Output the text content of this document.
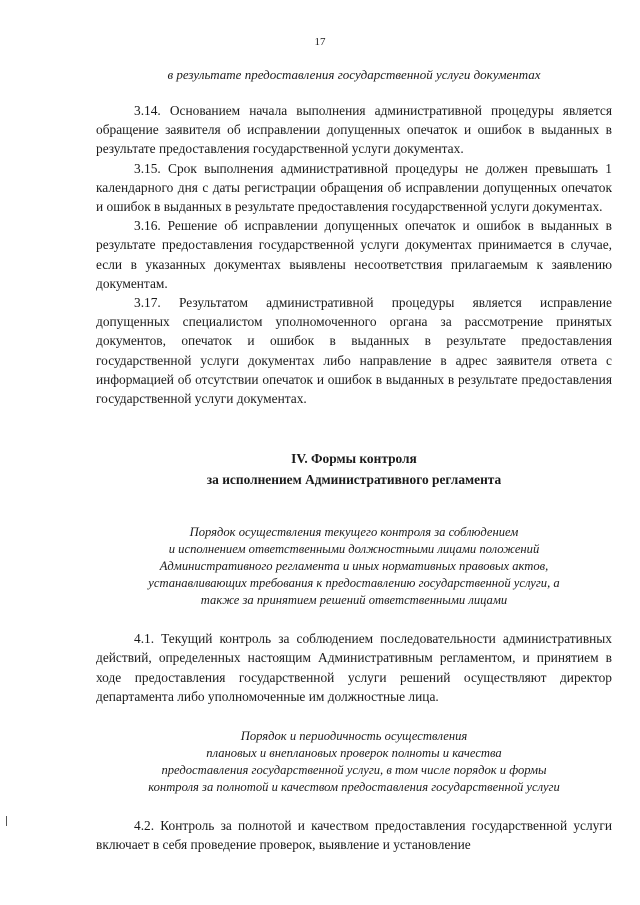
17

в результате предоставления государственной услуги документах

3.14. Основанием начала выполнения административной процедуры является обращение заявителя об исправлении допущенных опечаток и ошибок в выданных в результате предоставления государственной услуги документах.

3.15. Срок выполнения административной процедуры не должен превышать 1 календарного дня с даты регистрации обращения об исправлении допущенных опечаток и ошибок в выданных в результате предоставления государственной услуги документах.

3.16. Решение об исправлении допущенных опечаток и ошибок в выданных в результате предоставления государственной услуги документах принимается в случае, если в указанных документах выявлены несоответствия прилагаемым к заявлению документам.

3.17. Результатом административной процедуры является исправление допущенных специалистом уполномоченного органа за рассмотрение принятых документов, опечаток и ошибок в выданных в результате предоставления государственной услуги документах либо направление в адрес заявителя ответа с информацией об отсутствии опечаток и ошибок в выданных в результате предоставления государственной услуги документах.

IV. Формы контроля

за исполнением Административного регламента

Порядок осуществления текущего контроля за соблюдением

и исполнением ответственными должностными лицами положений

Административного регламента и иных нормативных правовых актов,

устанавливающих требования к предоставлению государственной услуги, а

также за принятием решений ответственными лицами

4.1. Текущий контроль за соблюдением последовательности административных действий, определенных настоящим Административным регламентом, и принятием в ходе предоставления государственной услуги решений осуществляют директор департамента либо уполномоченные им должностные лица.

Порядок и периодичность осуществления

плановых и внеплановых проверок полноты и качества

предоставления государственной услуги, в том числе порядок и формы

контроля за полнотой и качеством предоставления государственной услуги

4.2. Контроль за полнотой и качеством предоставления государственной услуги включает в себя проведение проверок, выявление и установление
